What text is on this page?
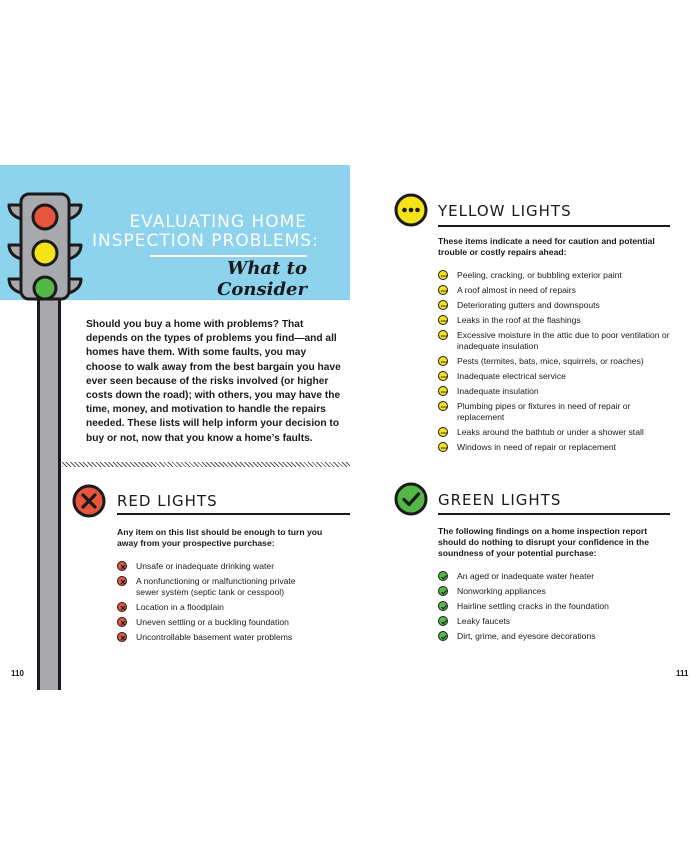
EVALUATING HOME
INSPECTION PROBLEMS:
What to Consider
Should you buy a home with problems? That depends on the types of problems you find—and all homes have them. With some faults, you may choose to walk away from the best bargain you have ever seen because of the risks involved (or higher costs down the road); with others, you may have the time, money, and motivation to handle the repairs needed. These lists will help inform your decision to buy or not, now that you know a home’s faults.
RED LIGHTS
Any item on this list should be enough to turn you away from your prospective purchase:
Unsafe or inadequate drinking water
A nonfunctioning or malfunctioning private sewer system (septic tank or cesspool)
Location in a floodplain
Uneven settling or a buckling foundation
Uncontrollable basement water problems
YELLOW LIGHTS
These items indicate a need for caution and potential trouble or costly repairs ahead:
Peeling, cracking, or bubbling exterior paint
A roof almost in need of repairs
Deteriorating gutters and downspouts
Leaks in the roof at the flashings
Excessive moisture in the attic due to poor ventilation or inadequate insulation
Pests (termites, bats, mice, squirrels, or roaches)
Inadequate electrical service
Inadequate insulation
Plumbing pipes or fixtures in need of repair or replacement
Leaks around the bathtub or under a shower stall
Windows in need of repair or replacement
GREEN LIGHTS
The following findings on a home inspection report should do nothing to disrupt your confidence in the soundness of your potential purchase:
An aged or inadequate water heater
Nonworking appliances
Hairline settling cracks in the foundation
Leaky faucets
Dirt, grime, and eyesore decorations
110	111
